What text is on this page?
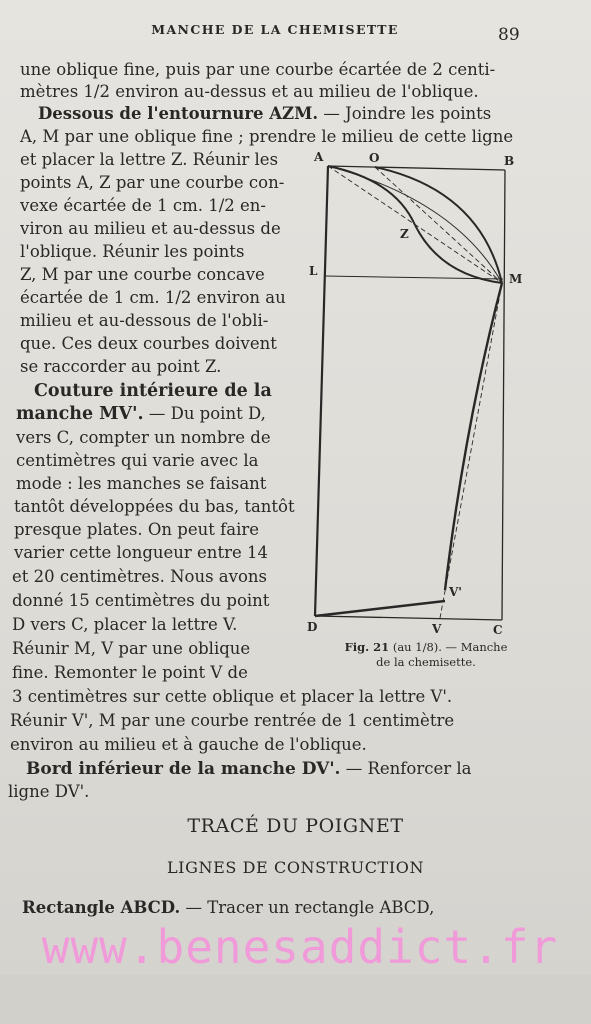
MANCHE DE LA CHEMISETTE	89
une oblique fine, puis par une courbe écartée de 2 centi-
mètres 1/2 environ au-dessus et au milieu de l'oblique.
Dessous de l'entournure AZM. — Joindre les points
A, M par une oblique fine ; prendre le milieu de cette ligne
et placer la lettre Z. Réunir les
points A, Z par une courbe con-
vexe écartée de 1 cm. 1/2 en-
viron au milieu et au-dessus de
l'oblique. Réunir les points
Z, M par une courbe concave
écartée de 1 cm. 1/2 environ au
milieu et au-dessous de l'obli-
que. Ces deux courbes doivent
se raccorder au point Z.
Couture intérieure de la
manche MV'. — Du point D,
vers C, compter un nombre de
centimètres qui varie avec la
mode : les manches se faisant
tantôt développées du bas, tantôt
presque plates. On peut faire
varier cette longueur entre 14
et 20 centimètres. Nous avons
donné 15 centimètres du point
D vers C, placer la lettre V.
Réunir M, V par une oblique
fine. Remonter le point V de
3 centimètres sur cette oblique et placer la lettre V'.
Réunir V', M par une courbe rentrée de 1 centimètre
environ au milieu et à gauche de l'oblique.
Bord inférieur de la manche DV'. — Renforcer la
ligne DV'.
A	O	B
L
M
Z
V'
D	V	C
Fig. 21 (au 1/8). — Manche
de la chemisette.
TRACÉ DU POIGNET
LIGNES DE CONSTRUCTION
Rectangle ABCD. — Tracer un rectangle ABCD,
www.benesaddict.fr
